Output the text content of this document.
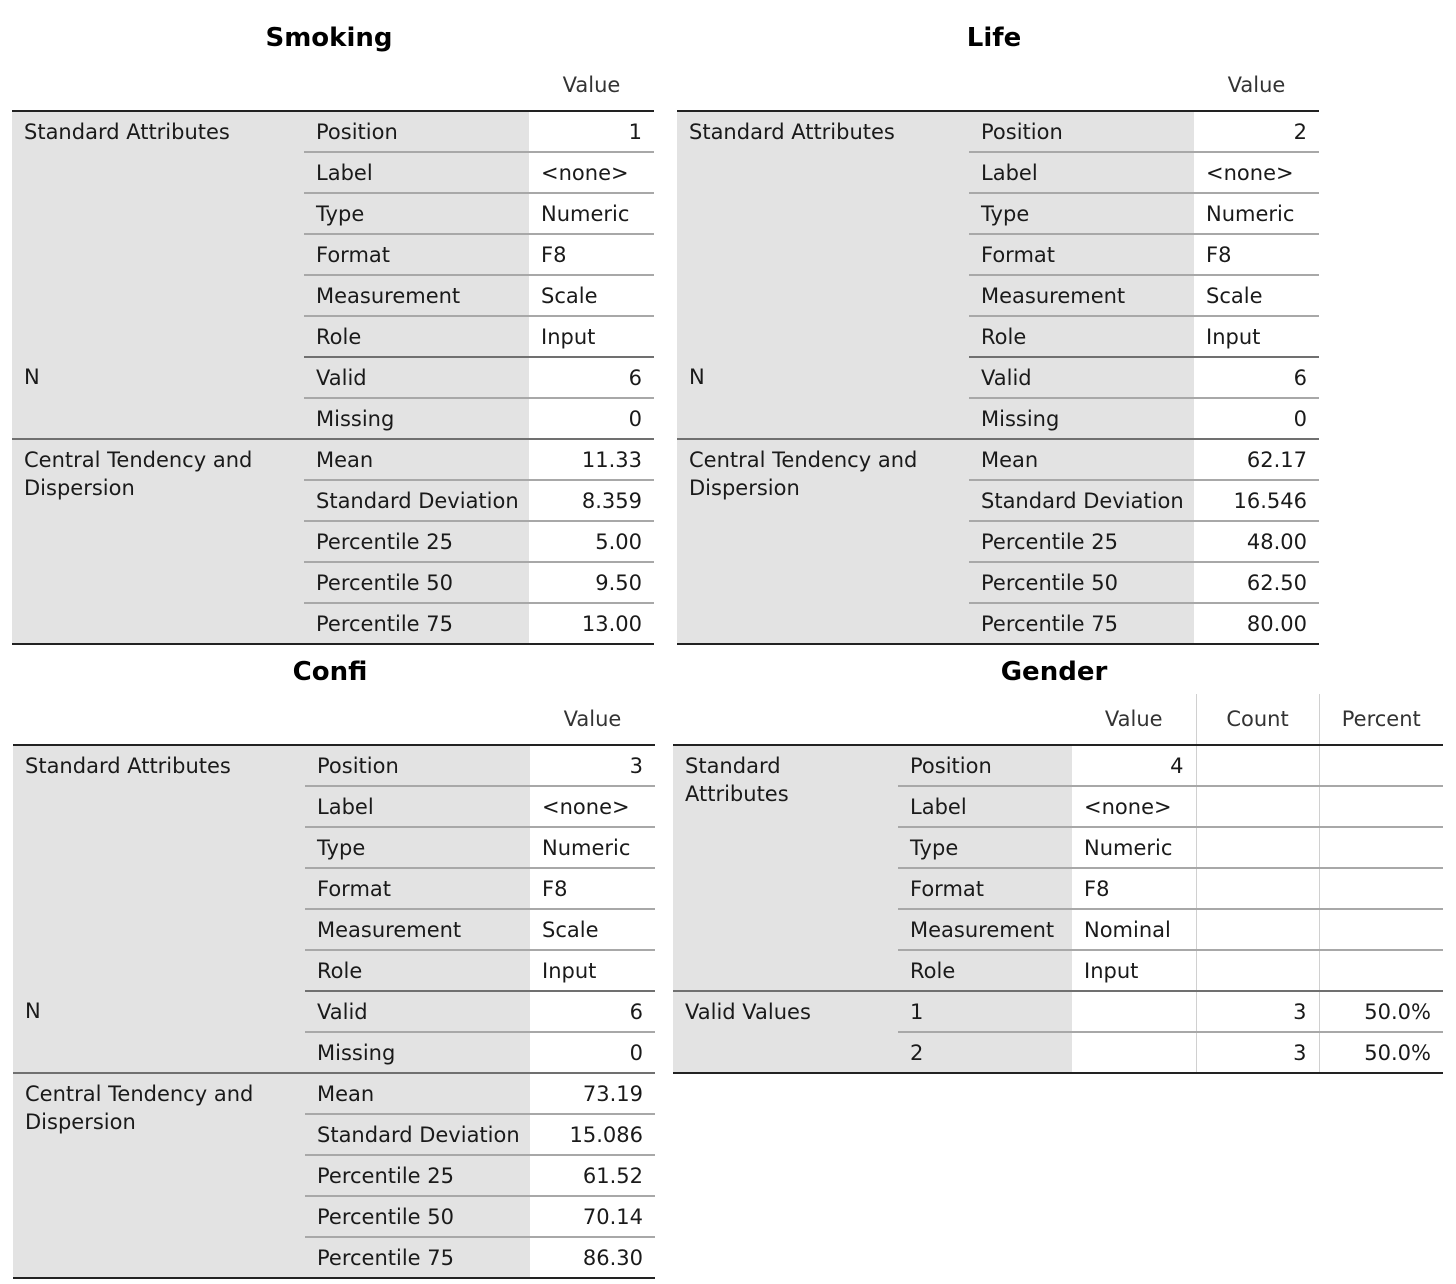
Smoking
		Value
Standard Attributes	Position	1
	Label	<none>
	Type	Numeric
	Format	F8
	Measurement	Scale
	Role	Input
N	Valid	6
	Missing	0
Central Tendency and Dispersion	Mean	11.33
	Standard Deviation	8.359
	Percentile 25	5.00
	Percentile 50	9.50
	Percentile 75	13.00
Life
		Value
Standard Attributes	Position	2
	Label	<none>
	Type	Numeric
	Format	F8
	Measurement	Scale
	Role	Input
N	Valid	6
	Missing	0
Central Tendency and Dispersion	Mean	62.17
	Standard Deviation	16.546
	Percentile 25	48.00
	Percentile 50	62.50
	Percentile 75	80.00
Confi
		Value
Standard Attributes	Position	3
	Label	<none>
	Type	Numeric
	Format	F8
	Measurement	Scale
	Role	Input
N	Valid	6
	Missing	0
Central Tendency and Dispersion	Mean	73.19
	Standard Deviation	15.086
	Percentile 25	61.52
	Percentile 50	70.14
	Percentile 75	86.30
Gender
		Value	Count	Percent
Standard Attributes	Position	4		
	Label	<none>		
	Type	Numeric		
	Format	F8		
	Measurement	Nominal		
	Role	Input		
Valid Values	1		3	50.0%
	2		3	50.0%
